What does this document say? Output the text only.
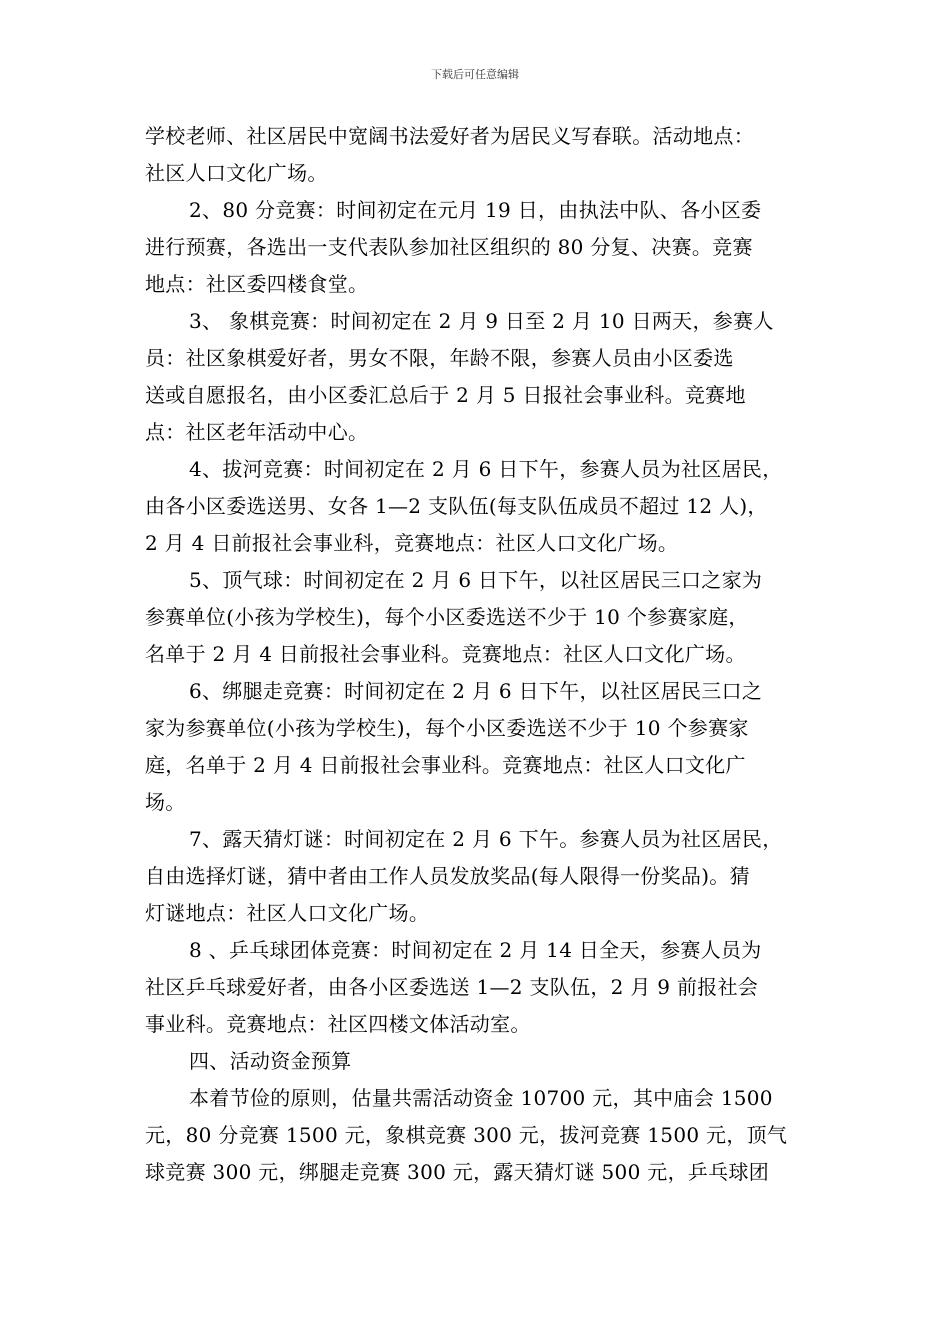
下载后可任意编辑
学校老师、社区居民中宽阔书法爱好者为居民义写春联。活动地点：
社区人口文化广场。
2、80 分竞赛：时间初定在元月 19 日，由执法中队、各小区委
进行预赛，各选出一支代表队参加社区组织的 80 分复、决赛。竞赛
地点：社区委四楼食堂。
3、 象棋竞赛：时间初定在 2 月 9 日至 2 月 10 日两天，参赛人
员：社区象棋爱好者，男女不限，年龄不限，参赛人员由小区委选
送或自愿报名，由小区委汇总后于 2 月 5 日报社会事业科。竞赛地
点：社区老年活动中心。
4、拔河竞赛：时间初定在 2 月 6 日下午，参赛人员为社区居民，
由各小区委选送男、女各 1—2 支队伍(每支队伍成员不超过 12 人)，
2 月 4 日前报社会事业科，竞赛地点：社区人口文化广场。
5、顶气球：时间初定在 2 月 6 日下午，以社区居民三口之家为
参赛单位(小孩为学校生)，每个小区委选送不少于 10 个参赛家庭，
名单于 2 月 4 日前报社会事业科。竞赛地点：社区人口文化广场。
6、绑腿走竞赛：时间初定在 2 月 6 日下午，以社区居民三口之
家为参赛单位(小孩为学校生)，每个小区委选送不少于 10 个参赛家
庭，名单于 2 月 4 日前报社会事业科。竞赛地点：社区人口文化广
场。
7、露天猜灯谜：时间初定在 2 月 6 下午。参赛人员为社区居民，
自由选择灯谜，猜中者由工作人员发放奖品(每人限得一份奖品)。猜
灯谜地点：社区人口文化广场。
8 、乒乓球团体竞赛：时间初定在 2 月 14 日全天，参赛人员为
社区乒乓球爱好者，由各小区委选送 1—2 支队伍，2 月 9 前报社会
事业科。竞赛地点：社区四楼文体活动室。
四、活动资金预算
本着节俭的原则，估量共需活动资金 10700 元，其中庙会 1500
元，80 分竞赛 1500 元，象棋竞赛 300 元，拔河竞赛 1500 元，顶气
球竞赛 300 元，绑腿走竞赛 300 元，露天猜灯谜 500 元，乒乓球团
